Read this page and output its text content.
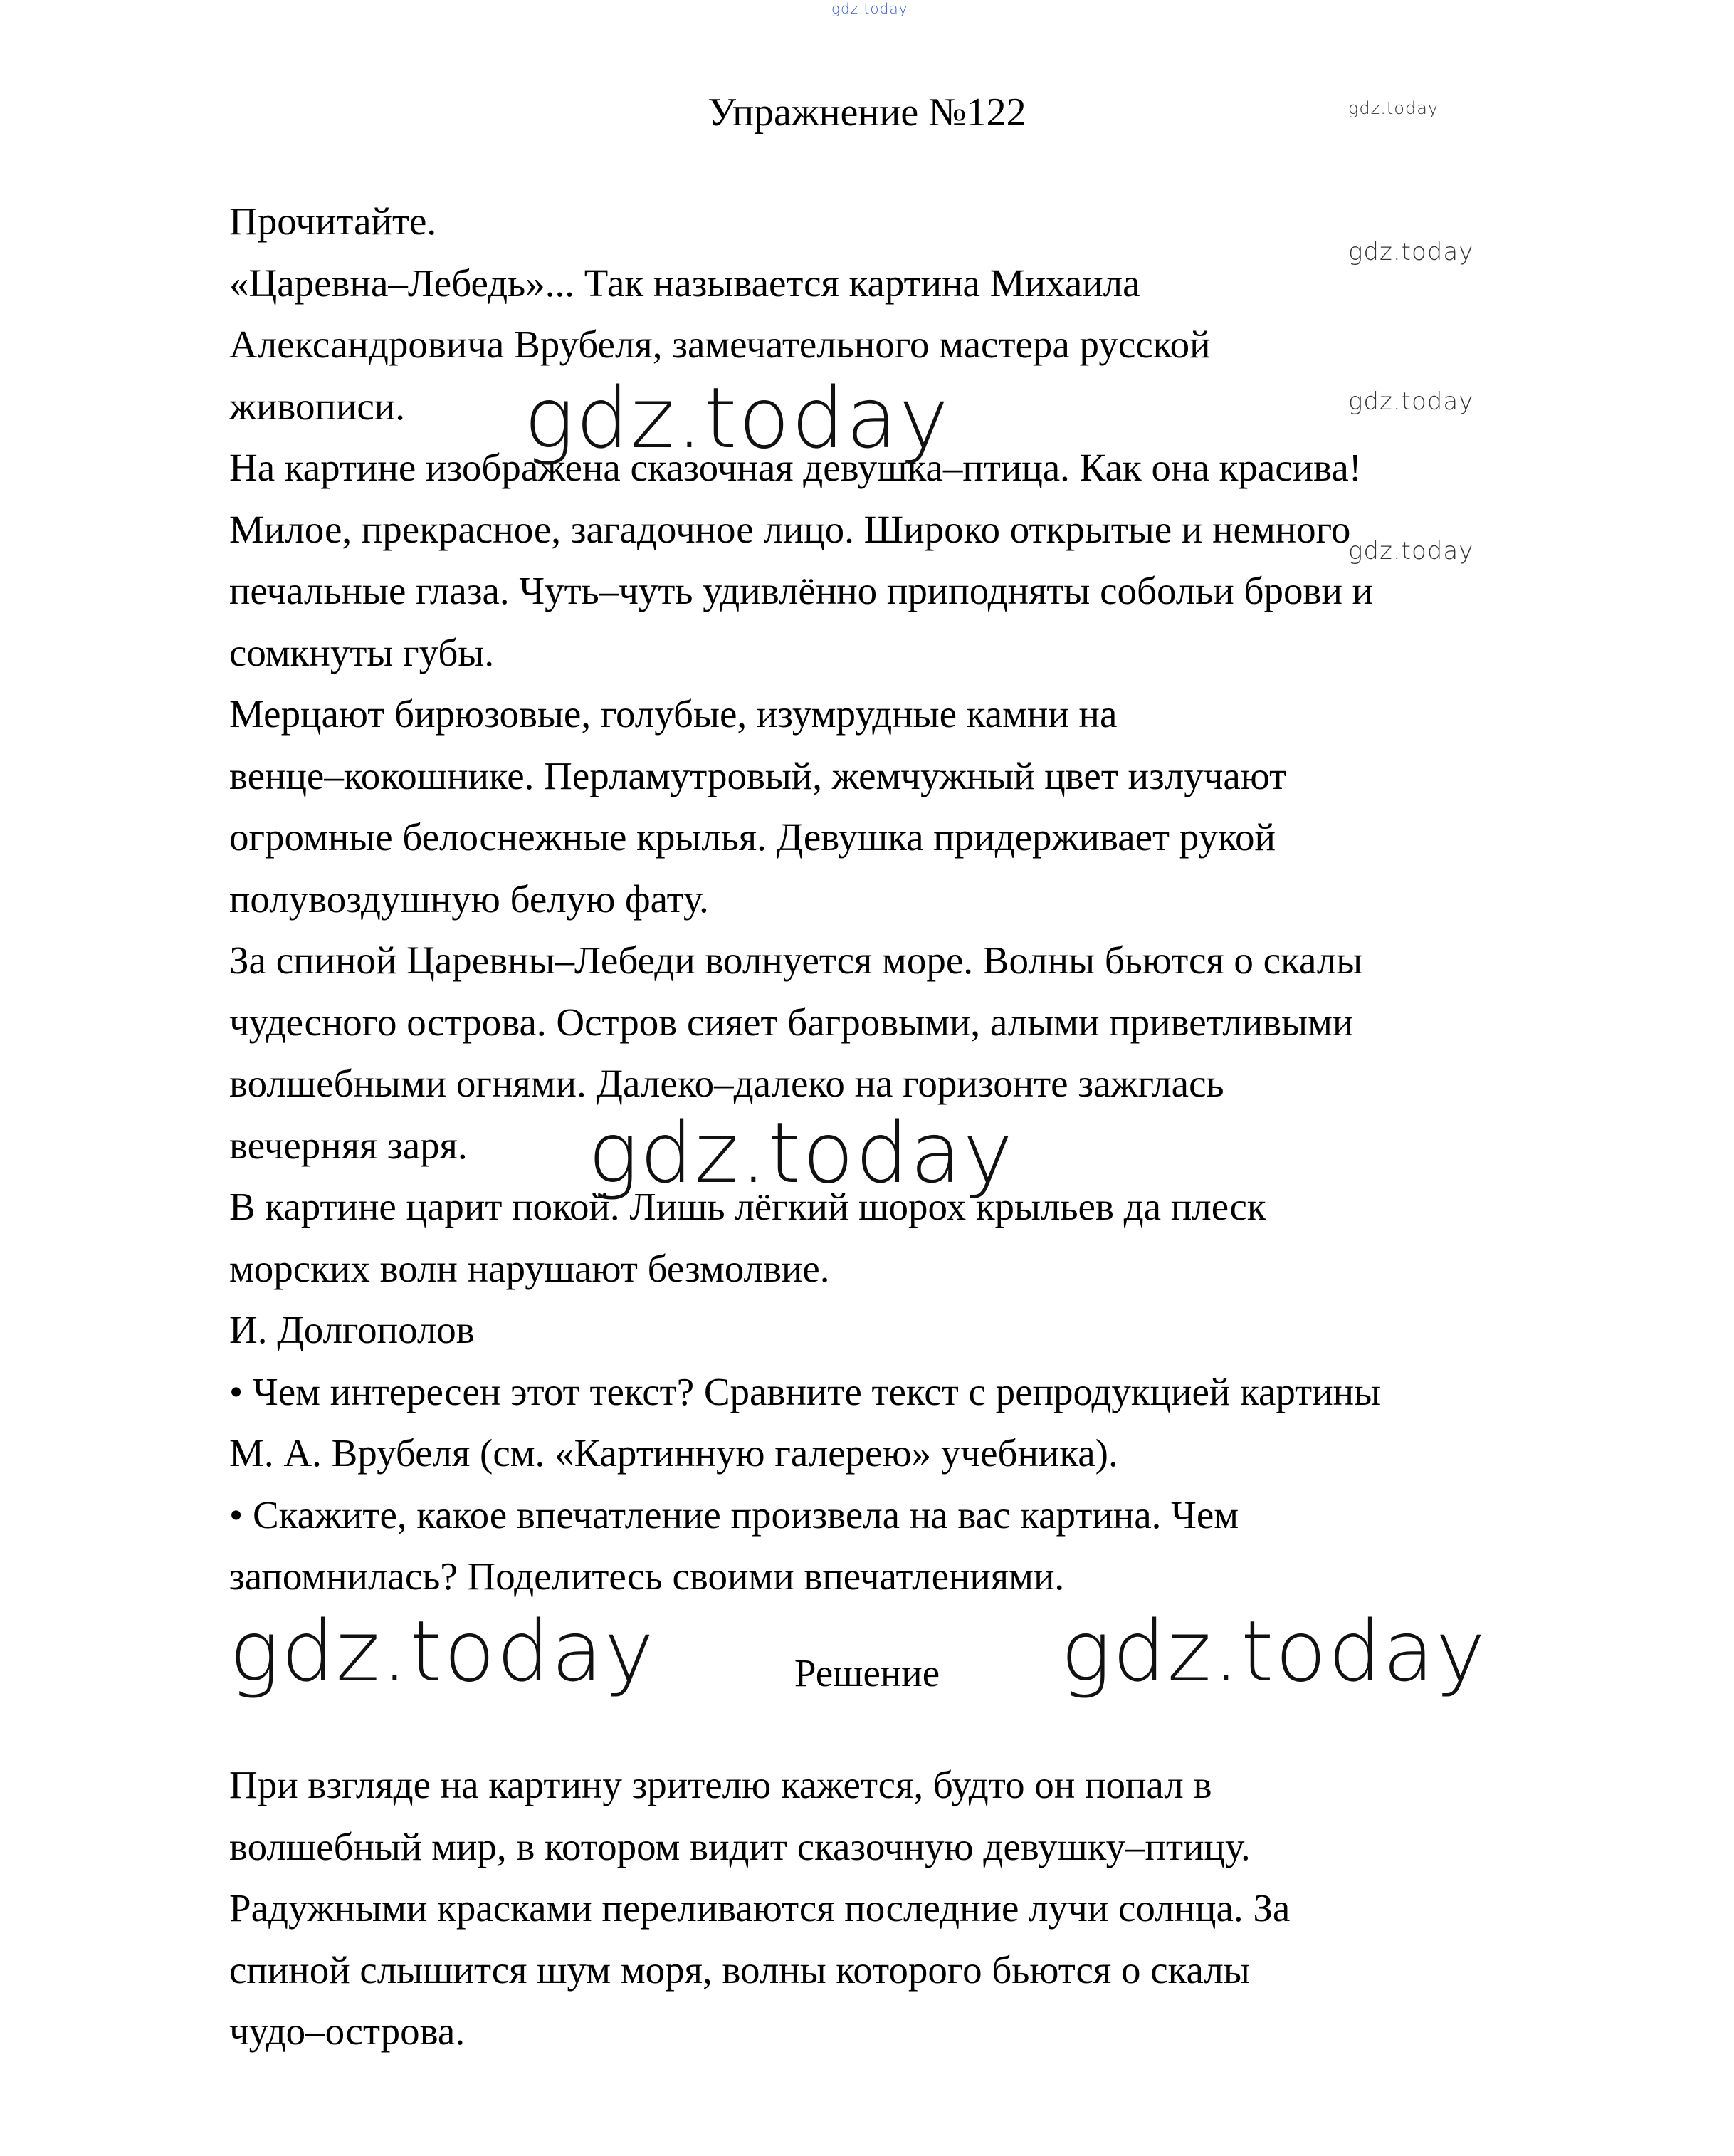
gdz.today
gdz.today
gdz.today
gdz.today
gdz.today
Упражнение №122
Прочитайте.
«Царевна–Лебедь»... Так называется картина Михаила
Александровича Врубеля, замечательного мастера русской
живописи.
На картине изображена сказочная девушка–птица. Как она красива!
Милое, прекрасное, загадочное лицо. Широко открытые и немного
печальные глаза. Чуть–чуть удивлённо приподняты собольи брови и
сомкнуты губы.
Мерцают бирюзовые, голубые, изумрудные камни на
венце–кокошнике. Перламутровый, жемчужный цвет излучают
огромные белоснежные крылья. Девушка придерживает рукой
полувоздушную белую фату.
За спиной Царевны–Лебеди волнуется море. Волны бьются о скалы
чудесного острова. Остров сияет багровыми, алыми приветливыми
волшебными огнями. Далеко–далеко на горизонте зажглась
вечерняя заря.
В картине царит покой. Лишь лёгкий шорох крыльев да плеск
морских волн нарушают безмолвие.
И. Долгополов
• Чем интересен этот текст? Сравните текст с репродукцией картины
М. А. Врубеля (см. «Картинную галерею» учебника).
• Скажите, какое впечатление произвела на вас картина. Чем
запомнилась? Поделитесь своими впечатлениями.
gdz.today
gdz.today
gdz.today	gdz.today
Решение
При взгляде на картину зрителю кажется, будто он попал в
волшебный мир, в котором видит сказочную девушку–птицу.
Радужными красками переливаются последние лучи солнца. За
спиной слышится шум моря, волны которого бьются о скалы
чудо–острова.
